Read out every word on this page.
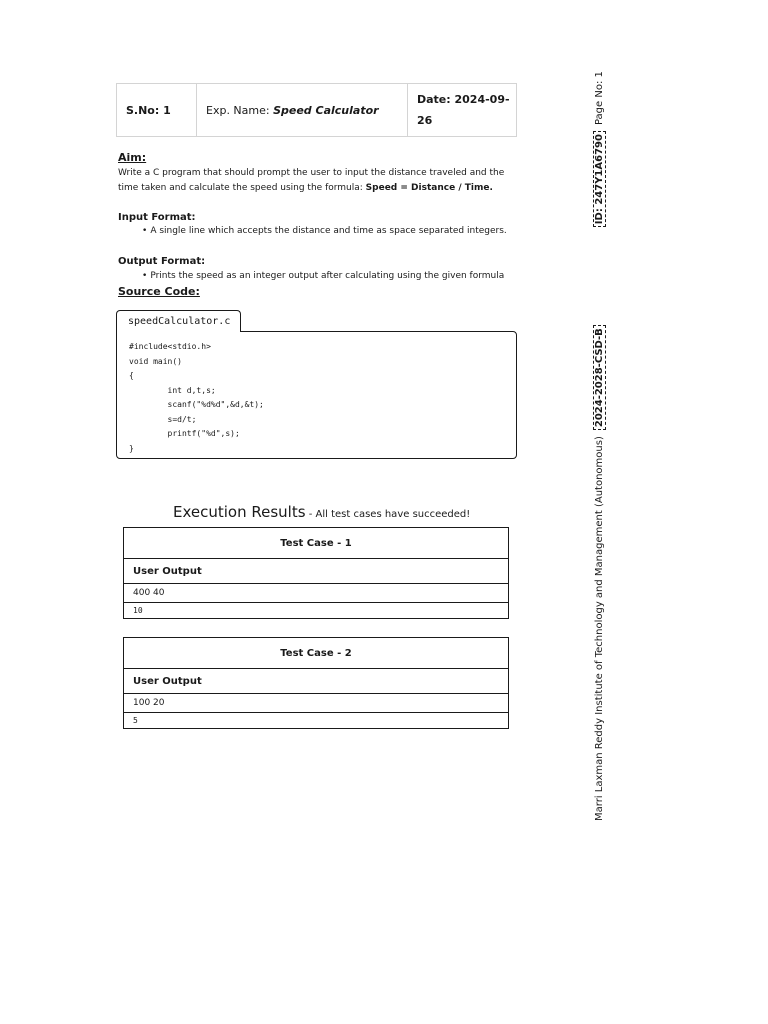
S.No: 1	Exp. Name: Speed Calculator	Date: 2024-09-26
Aim:
Write a C program that should prompt the user to input the distance traveled and the time taken and calculate the speed using the formula: Speed = Distance / Time.
Input Format:
• A single line which accepts the distance and time as space separated integers.
Output Format:
• Prints the speed as an integer output after calculating using the given formula
Source Code:
speedCalculator.c
#include<stdio.h>
void main()
{
int d,t,s;
scanf("%d%d",&d,&t);
s=d/t;
printf("%d",s);
}
Execution Results - All test cases have succeeded!
Test Case - 1
User Output
400 40
10
Test Case - 2
User Output
100 20
5	Marri Laxman Reddy Institute of Technology and Management (Autonomous)2024-2028-CSD-BID: 247Y1A6790Page No: 1
